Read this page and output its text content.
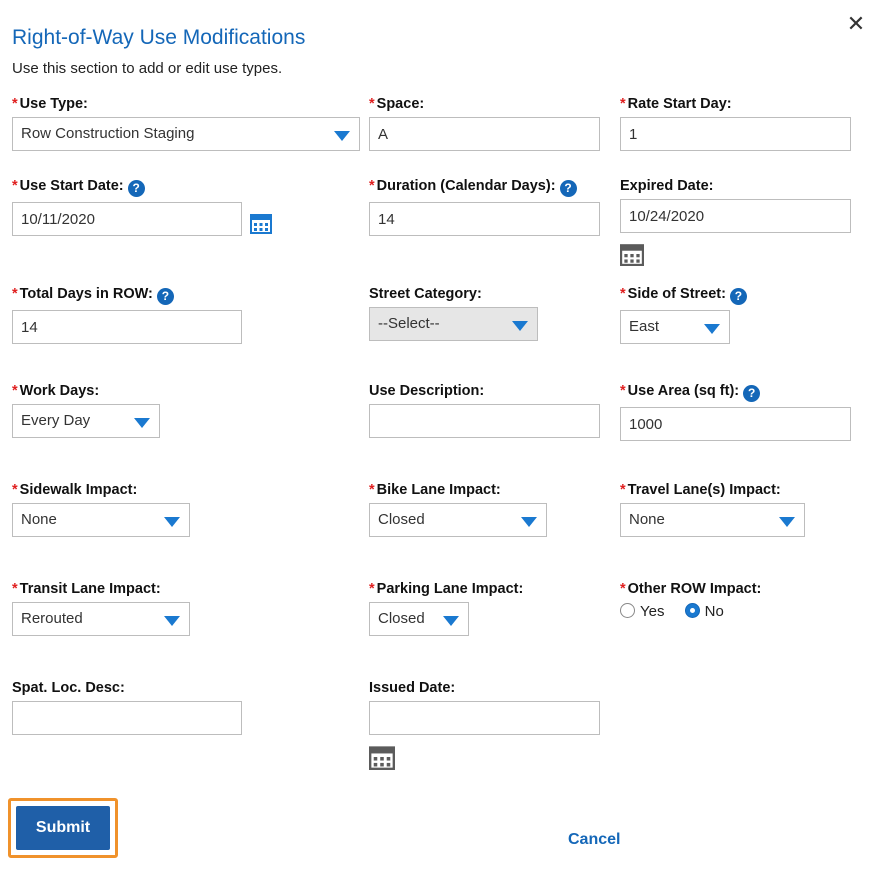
✕
Right-of-Way Use Modifications
Use this section to add or edit use types.
* Use Type:
Row Construction Staging
* Space:
A	* Rate Start Day:
1
* Use Start Date: ?
10/11/2020	* Duration (Calendar Days): ?
14	Expired Date:
10/24/2020
* Total Days in ROW: ?
14	Street Category:
--Select--
* Side of Street: ?
East
* Work Days:
Every Day
Use Description:	* Use Area (sq ft): ?
1000
* Sidewalk Impact:
None
* Bike Lane Impact:
Closed
* Travel Lane(s) Impact:
None
* Transit Lane Impact:
Rerouted
* Parking Lane Impact:
Closed
* Other ROW Impact:
Yes	No
Spat. Loc. Desc:	Issued Date:
Submit
Cancel
